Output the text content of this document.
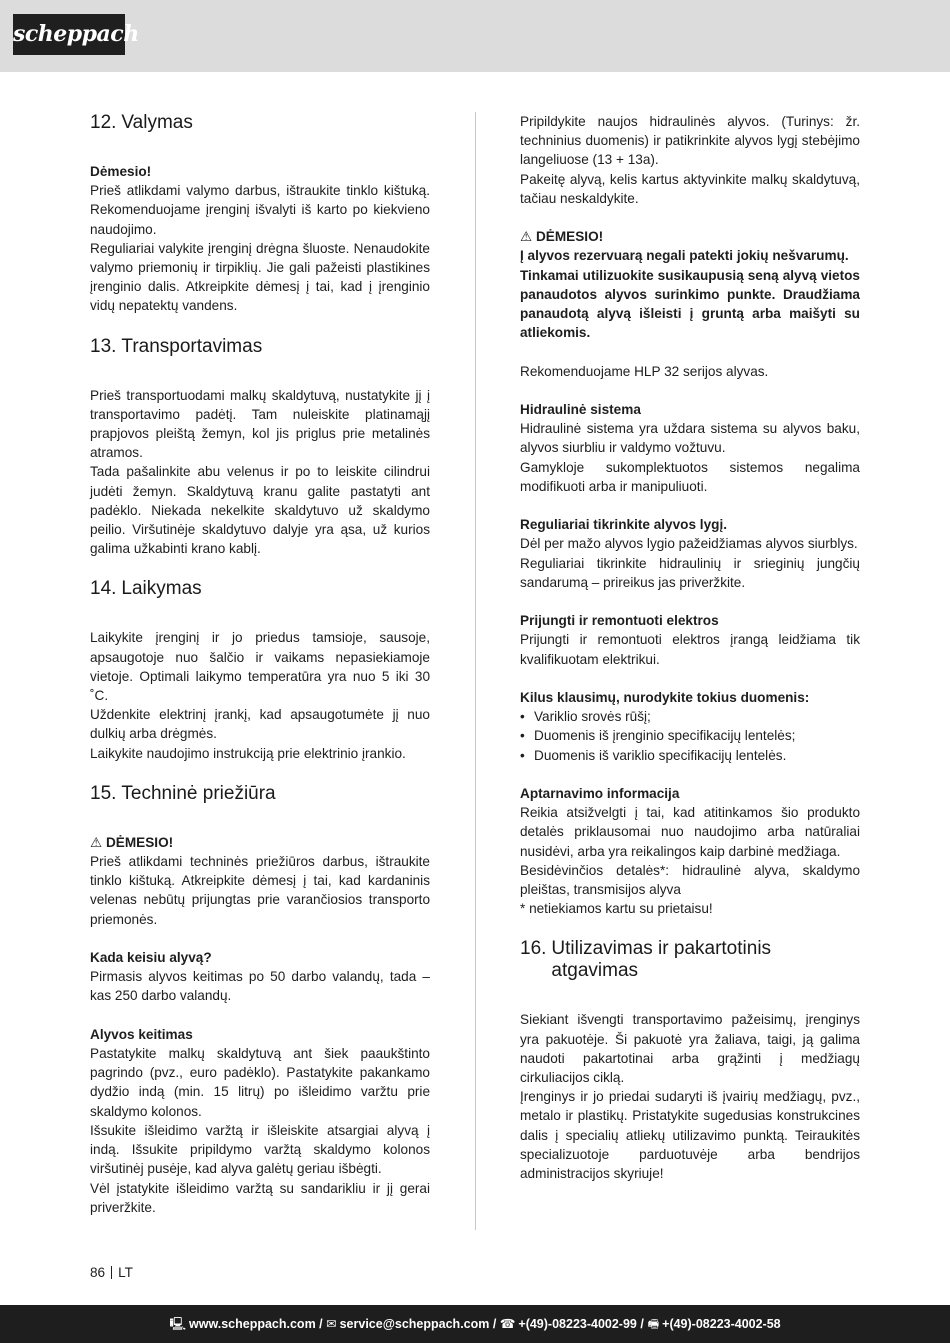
scheppach
12. Valymas

Dėmesio!

Prieš atlikdami valymo darbus, ištraukite tinklo kištuką. Rekomenduojame įrenginį išvalyti iš karto po kiekvieno naudojimo.

Reguliariai valykite įrenginį drėgna šluoste. Nenaudokite valymo priemonių ir tirpiklių. Jie gali pažeisti plastikines įrenginio dalis. Atkreipkite dėmesį į tai, kad į įrenginio vidų nepatektų vandens.

13. Transportavimas

Prieš transportuodami malkų skaldytuvą, nustatykite jį į transportavimo padėtį. Tam nuleiskite platinamąjį prapjovos pleištą žemyn, kol jis priglus prie metalinės atramos.

Tada pašalinkite abu velenus ir po to leiskite cilindrui judėti žemyn. Skaldytuvą kranu galite pastatyti ant padėklo. Niekada nekelkite skaldytuvo už skaldymo peilio. Viršutinėje skaldytuvo dalyje yra ąsa, už kurios galima užkabinti krano kablį.

14. Laikymas

Laikykite įrenginį ir jo priedus tamsioje, sausoje, apsaugotoje nuo šalčio ir vaikams nepasiekiamoje vietoje. Optimali laikymo temperatūra yra nuo 5 iki 30 ˚C.

Uždenkite elektrinį įrankį, kad apsaugotumėte jį nuo dulkių arba drėgmės.

Laikykite naudojimo instrukciją prie elektrinio įrankio.

15. Techninė priežiūra

⚠ DĖMESIO!

Prieš atlikdami techninės priežiūros darbus, ištraukite tinklo kištuką. Atkreipkite dėmesį į tai, kad kardaninis velenas nebūtų prijungtas prie varančiosios transporto priemonės.

Kada keisiu alyvą?

Pirmasis alyvos keitimas po 50 darbo valandų, tada – kas 250 darbo valandų.

Alyvos keitimas

Pastatykite malkų skaldytuvą ant šiek paaukštinto pagrindo (pvz., euro padėklo). Pastatykite pakankamo dydžio indą (min. 15 litrų) po išleidimo varžtu prie skaldymo kolonos.

Išsukite išleidimo varžtą ir išleiskite atsargiai alyvą į indą. Išsukite pripildymo varžtą skaldymo kolonos viršutinėj pusėje, kad alyva galėtų geriau išbėgti.

Vėl įstatykite išleidimo varžtą su sandarikliu ir jį gerai priveržkite.

Pripildykite naujos hidraulinės alyvos. (Turinys: žr. techninius duomenis) ir patikrinkite alyvos lygį stebėjimo langeliuose (13 + 13a).

Pakeitę alyvą, kelis kartus aktyvinkite malkų skaldytuvą, tačiau neskaldykite.

⚠ DĖMESIO!

Į alyvos rezervuarą negali patekti jokių nešvarumų.

Tinkamai utilizuokite susikaupusią seną alyvą vietos panaudotos alyvos surinkimo punkte. Draudžiama panaudotą alyvą išleisti į gruntą arba maišyti su atliekomis.

Rekomenduojame HLP 32 serijos alyvas.

Hidraulinė sistema

Hidraulinė sistema yra uždara sistema su alyvos baku, alyvos siurbliu ir valdymo vožtuvu.

Gamykloje sukomplektuotos sistemos negalima modifikuoti arba ir manipuliuoti.

Reguliariai tikrinkite alyvos lygį.

Dėl per mažo alyvos lygio pažeidžiamas alyvos siurblys.

Reguliariai tikrinkite hidraulinių ir srieginių jungčių sandarumą – prireikus jas priveržkite.

Prijungti ir remontuoti elektros

Prijungti ir remontuoti elektros įrangą leidžiama tik kvalifikuotam elektrikui.

Kilus klausimų, nurodykite tokius duomenis:

• Variklio srovės rūšį;
• Duomenis iš įrenginio specifikacijų lentelės;
• Duomenis iš variklio specifikacijų lentelės.

Aptarnavimo informacija

Reikia atsižvelgti į tai, kad atitinkamos šio produkto detalės priklausomai nuo naudojimo arba natūraliai nusidėvi, arba yra reikalingos kaip darbinė medžiaga.

Besidėvinčios detalės*: hidraulinė alyva, skaldymo pleištas, transmisijos alyva

* netiekiamos kartu su prietaisu!

16. Utilizavimas ir pakartotinis atgavimas

Siekiant išvengti transportavimo pažeisimų, įrenginys yra pakuotėje. Ši pakuotė yra žaliava, taigi, ją galima naudoti pakartotinai arba grąžinti į medžiagų cirkuliacijos ciklą.

Įrenginys ir jo priedai sudaryti iš įvairių medžiagų, pvz., metalo ir plastikų. Pristatykite sugedusias konstrukcines dalis į specialių atliekų utilizavimo punktą. Teiraukitės specializuotoje parduotuvėje arba bendrijos administracijos skyriuje!

86 LT
🖳 www.scheppach.com / ✉ service@scheppach.com / ☎ +(49)-08223-4002-99 / 🖷 +(49)-08223-4002-58
